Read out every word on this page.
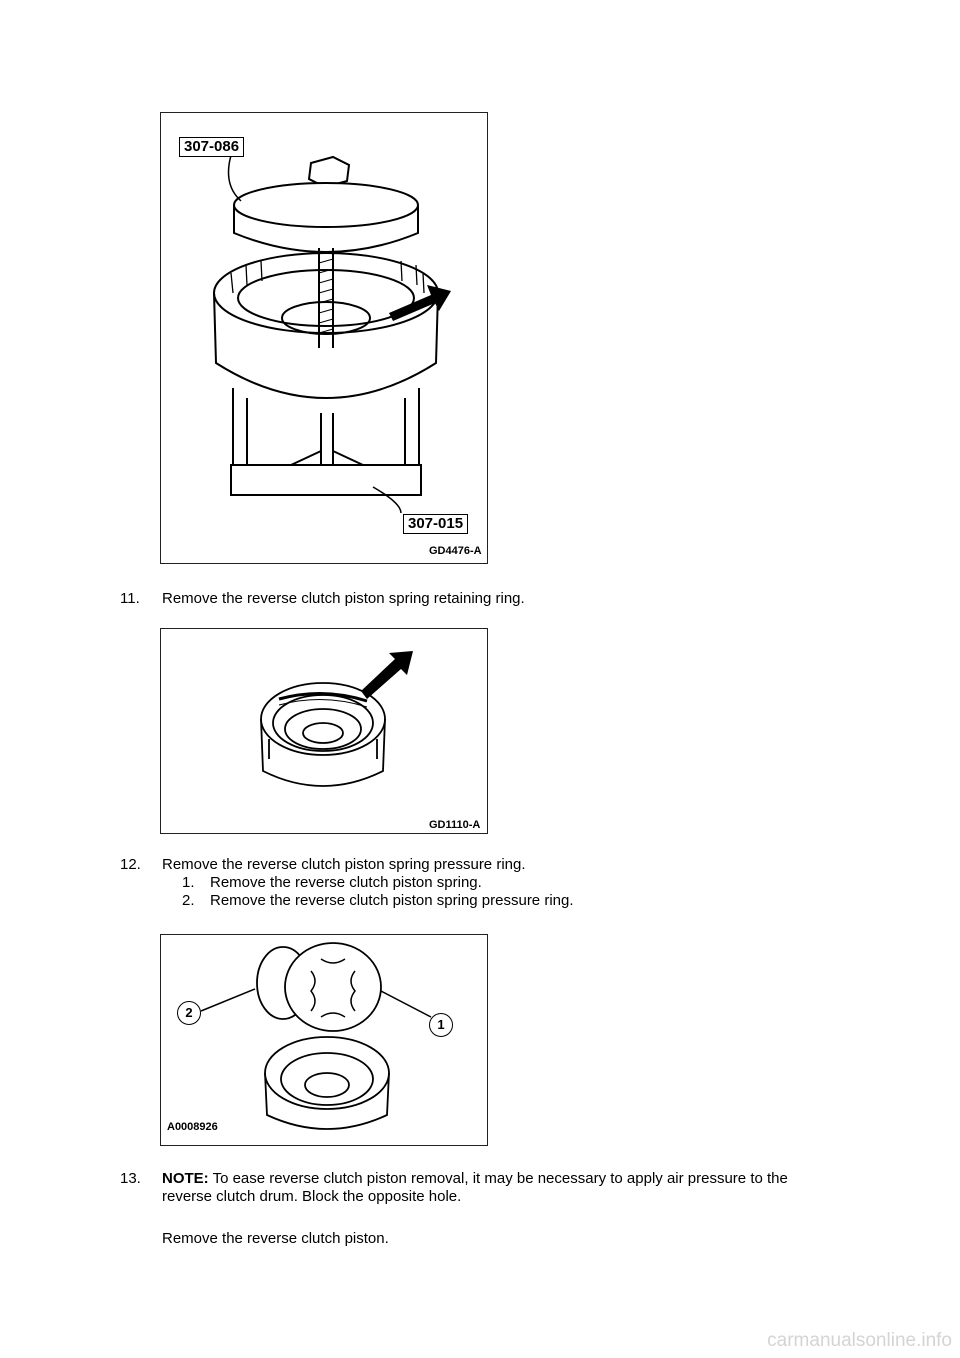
307-086
307-015
GD4476-A
11. Remove the reverse clutch piston spring retaining ring.
GD1110-A
12. Remove the reverse clutch piston spring pressure ring.
1. Remove the reverse clutch piston spring.
2. Remove the reverse clutch piston spring pressure ring.
2
1
A0008926
13. NOTE: To ease reverse clutch piston removal, it may be necessary to apply air pressure to the
reverse clutch drum. Block the opposite hole.
Remove the reverse clutch piston.
carmanualsonline.info
